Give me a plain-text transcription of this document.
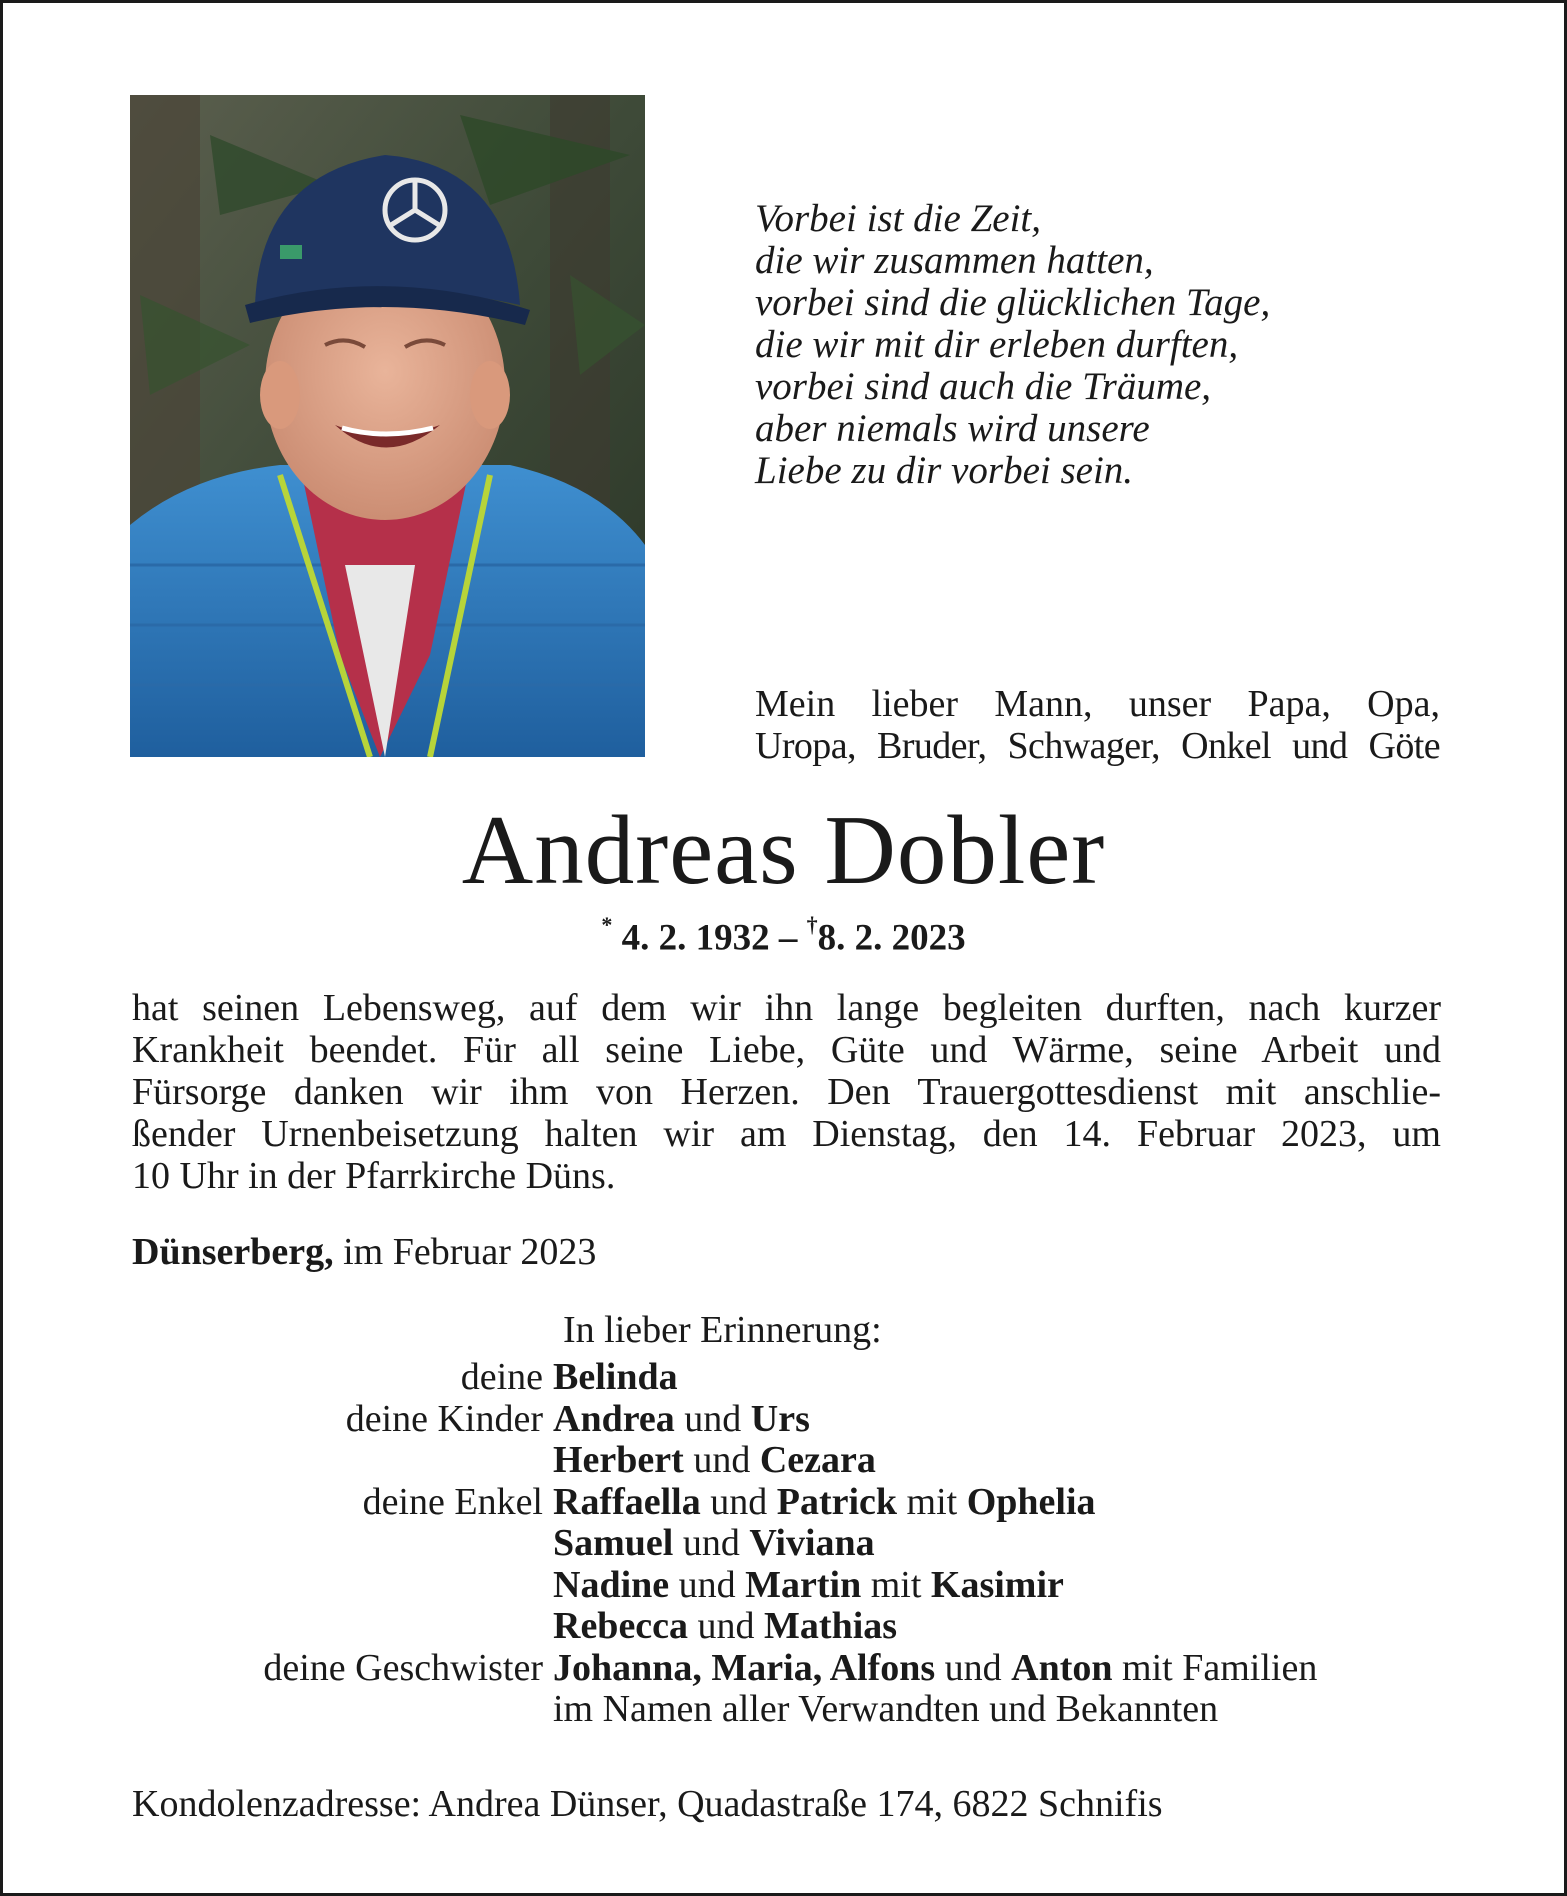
Vorbei ist die Zeit,
die wir zusammen hatten,
vorbei sind die glücklichen Tage,
die wir mit dir erleben durften,
vorbei sind auch die Träume,
aber niemals wird unsere
Liebe zu dir vorbei sein.
Mein lieber Mann, unser Papa, Opa,
Uropa, Bruder, Schwager, Onkel und Göte
Andreas Dobler
* 4. 2. 1932 – †8. 2. 2023
hat seinen Lebensweg, auf dem wir ihn lange begleiten durften, nach kurzer
Krankheit beendet. Für all seine Liebe, Güte und Wärme, seine Arbeit und
Fürsorge danken wir ihm von Herzen. Den Trauergottesdienst mit anschlie-
ßender Urnenbeisetzung halten wir am Dienstag, den 14. Februar 2023, um
10 Uhr in der Pfarrkirche Düns.
Dünserberg, im Februar 2023
In lieber Erinnerung:
deine Belinda
deine Kinder Andrea und Urs
Herbert und Cezara
deine Enkel Raffaella und Patrick mit Ophelia
Samuel und Viviana
Nadine und Martin mit Kasimir
Rebecca und Mathias
deine Geschwister Johanna, Maria, Alfons und Anton mit Familien
im Namen aller Verwandten und Bekannten
Kondolenzadresse: Andrea Dünser, Quadastraße 174, 6822 Schnifis
